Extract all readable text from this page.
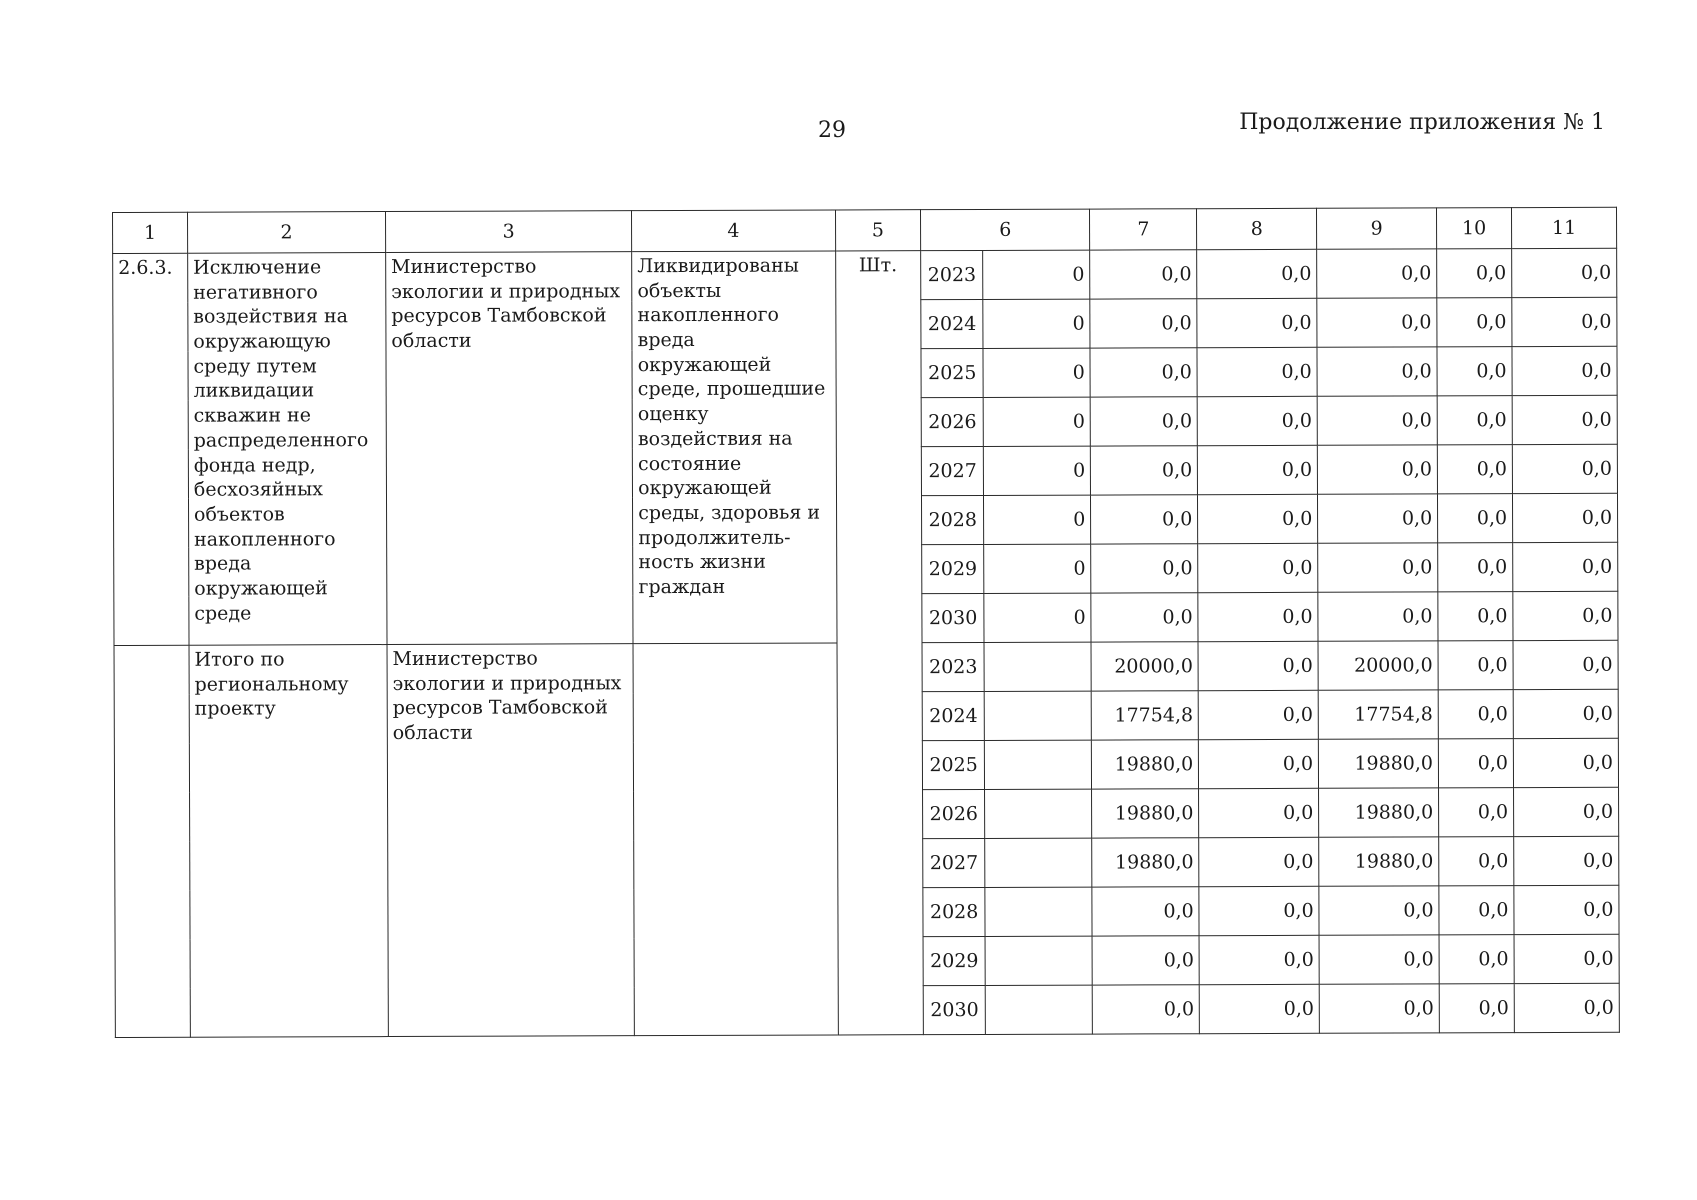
29	Продолжение приложения № 1
1	2	3	4	5	6		7	8	9	10	11
2.6.3.	Исключение негативного воздействия на окружающую среду путем ликвидации скважин не распределенного фонда недр, бесхозяйных объектов накопленного вреда окружающей среде	Министерство экологии и природных ресурсов Тамбовской области	Ликвидированы объекты накопленного вреда окружающей среде, прошедшие оценку воздействия на состояние окружающей среды, здоровья и продолжитель-ность жизни граждан	Шт.	2023	0	0,0	0,0	0,0	0,0	0,0
					2024	0	0,0	0,0	0,0	0,0	0,0
					2025	0	0,0	0,0	0,0	0,0	0,0
					2026	0	0,0	0,0	0,0	0,0	0,0
					2027	0	0,0	0,0	0,0	0,0	0,0
					2028	0	0,0	0,0	0,0	0,0	0,0
					2029	0	0,0	0,0	0,0	0,0	0,0
					2030	0	0,0	0,0	0,0	0,0	0,0
	Итого по региональному проекту	Министерство экологии и природных ресурсов Тамбовской области			2023		20000,0	0,0	20000,0	0,0	0,0
					2024		17754,8	0,0	17754,8	0,0	0,0
					2025		19880,0	0,0	19880,0	0,0	0,0
					2026		19880,0	0,0	19880,0	0,0	0,0
					2027		19880,0	0,0	19880,0	0,0	0,0
					2028		0,0	0,0	0,0	0,0	0,0
					2029		0,0	0,0	0,0	0,0	0,0
					2030		0,0	0,0	0,0	0,0	0,0
